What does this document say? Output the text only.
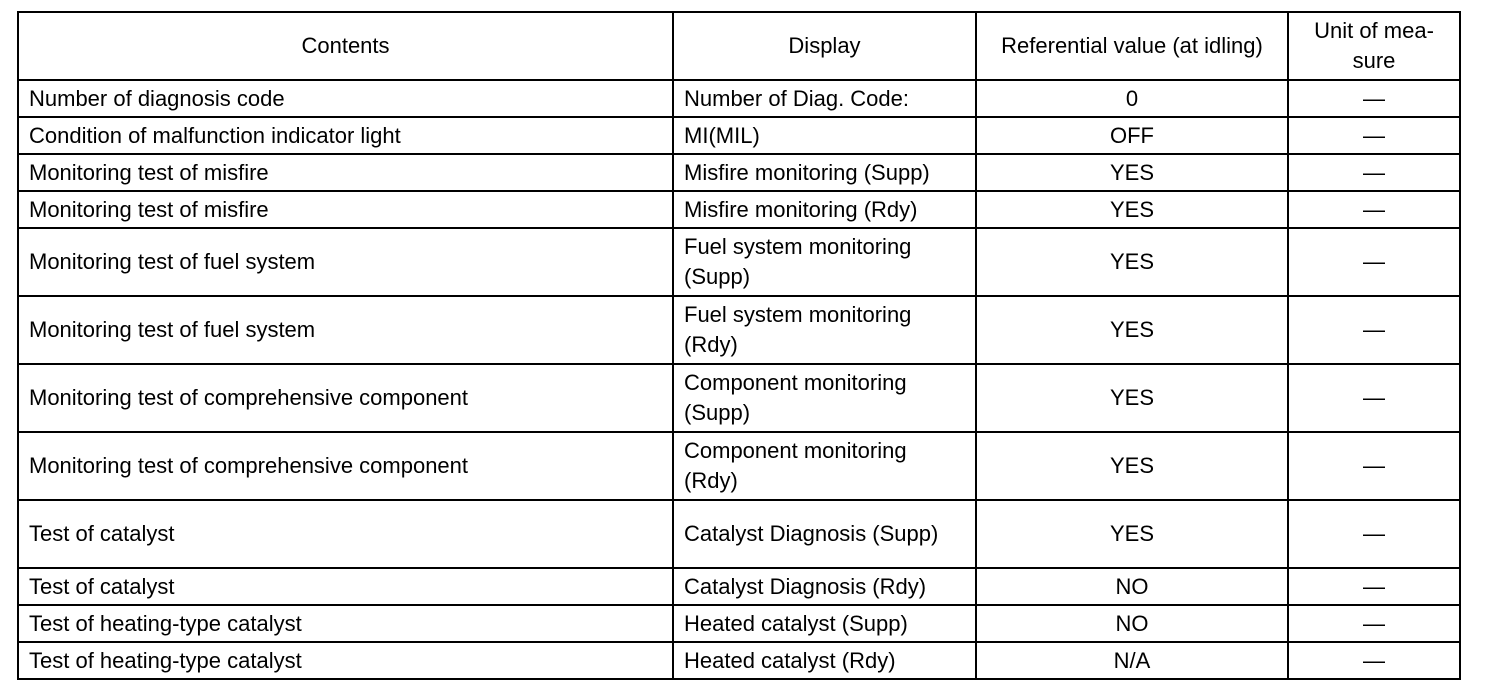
Contents	Display	Referential value (at idling)	Unit of mea-sure
Number of diagnosis code	Number of Diag. Code:	0	—
Condition of malfunction indicator light	MI(MIL)	OFF	—
Monitoring test of misfire	Misfire monitoring (Supp)	YES	—
Monitoring test of misfire	Misfire monitoring (Rdy)	YES	—
Monitoring test of fuel system	Fuel system monitoring (Supp)	YES	—
Monitoring test of fuel system	Fuel system monitoring (Rdy)	YES	—
Monitoring test of comprehensive component	Component monitoring (Supp)	YES	—
Monitoring test of comprehensive component	Component monitoring (Rdy)	YES	—
Test of catalyst	Catalyst Diagnosis (Supp)	YES	—
Test of catalyst	Catalyst Diagnosis (Rdy)	NO	—
Test of heating-type catalyst	Heated catalyst (Supp)	NO	—
Test of heating-type catalyst	Heated catalyst (Rdy)	N/A	—
